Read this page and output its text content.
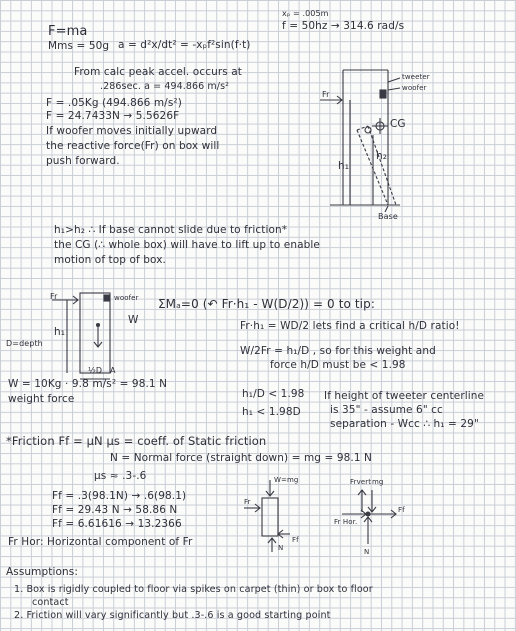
F=ma
Mms = 50g a = d²x/dt² = -xₚf²sin(f·t)
xₚ = .005m
f = 50hz → 314.6 rad/s
From calc peak accel. occurs at
.286sec. a = 494.866 m/s²
F = .05Kg (494.866 m/s²)
F = 24.7433N → 5.5626F
If woofer moves initially upward
the reactive force(Fr) on box will
push forward.
tweeter
woofer
CG
Fr
h₁
h₂
Base
h₁>h₂ ∴ If base cannot slide due to friction*
the CG (∴ whole box) will have to lift up to enable
motion of top of box.
Fr	woofer
W
h₁
D=depth
½D A
ΣMₐ=0 (↶ Fr·h₁ - W(D/2)) = 0 to tip:
Fr·h₁ = WD/2 lets find a critical h/D ratio!
W/2Fr = h₁/D , so for this weight and
force h/D must be < 1.98
h₁/D < 1.98
h₁ < 1.98D
If height of tweeter centerline
is 35" - assume 6" cc
separation - Wcc ∴ h₁ = 29"
W = 10Kg · 9.8 m/s² = 98.1 N
weight force
*Friction Ff = μN μs = coeff. of Static friction
N = Normal force (straight down) = mg = 98.1 N
μs ≈ .3-.6
Ff = .3(98.1N) → .6(98.1)
Ff = 29.43 N → 58.86 N
Ff = 6.61616 → 13.2366
Fr Hor: Horizontal component of Fr
W=mg
Fr
Ff
N
Frvert mg
Fr Hor.
Ff
N
Assumptions:
1. Box is rigidly coupled to floor via spikes on carpet (thin) or box to floor
contact
2. Friction will vary significantly but .3-.6 is a good starting point
